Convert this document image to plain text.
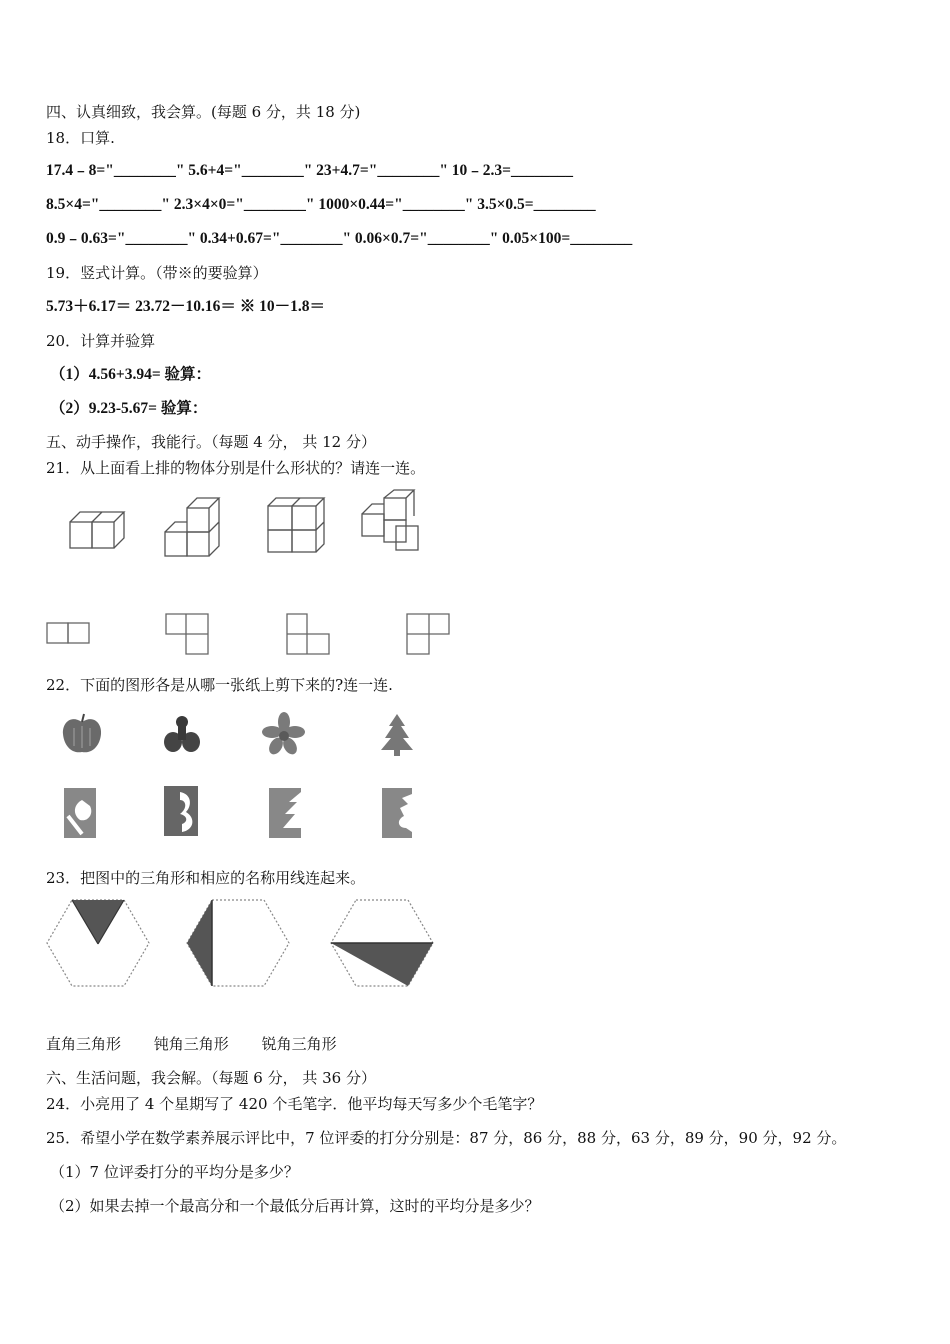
四、认真细致，我会算。(每题 6 分，共 18 分)
18．口算.
17.4﹣8="________" 5.6+4="________" 23+4.7="________" 10﹣2.3=________
8.5×4="________" 2.3×4×0="________" 1000×0.44="________" 3.5×0.5=________
0.9﹣0.63="________" 0.34+0.67="________" 0.06×0.7="________" 0.05×100=________
19．竖式计算。（带※的要验算）
5.73＋6.17＝ 23.72－10.16＝ ※ 10－1.8＝
20．计算并验算
（1）4.56+3.94= 验算：
（2）9.23-5.67= 验算：
五、动手操作，我能行。（每题 4 分， 共 12 分）
21．从上面看上排的物体分别是什么形状的？请连一连。
22．下面的图形各是从哪一张纸上剪下来的?连一连.
23．把图中的三角形和相应的名称用线连起来。
直角三角形 钝角三角形 锐角三角形
六、生活问题，我会解。（每题 6 分， 共 36 分）
24．小亮用了 4 个星期写了 420 个毛笔字．他平均每天写多少个毛笔字？
25．希望小学在数学素养展示评比中，7 位评委的打分分别是：87 分，86 分，88 分，63 分，89 分，90 分，92 分。
（1）7 位评委打分的平均分是多少？
（2）如果去掉一个最高分和一个最低分后再计算，这时的平均分是多少？
